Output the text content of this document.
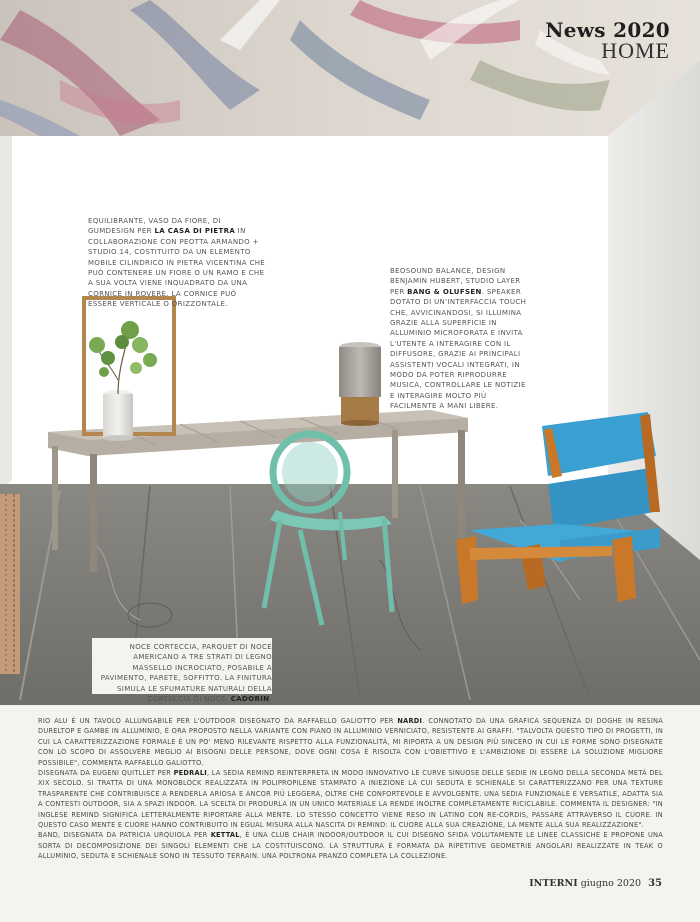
News 2020
HOME
EQUILIBRANTE, VASO DA FIORE, DI GUMDESIGN PER LA CASA DI PIETRA IN COLLABORAZIONE CON PEOTTA ARMANDO + STUDIO 14, COSTITUITO DA UN ELEMENTO MOBILE CILINDRICO IN PIETRA VICENTINA CHE PUÒ CONTENERE UN FIORE O UN RAMO E CHE A SUA VOLTA VIENE INQUADRATO DA UNA CORNICE IN ROVERE. LA CORNICE PUÒ ESSERE VERTICALE O ORIZZONTALE.
BEOSOUND BALANCE, DESIGN BENJAMIN HUBERT, STUDIO LAYER PER BANG & OLUFSEN. SPEAKER DOTATO DI UN'INTERFACCIA TOUCH CHE, AVVICINANDOSI, SI ILLUMINA GRAZIE ALLA SUPERFICIE IN ALLUMINIO MICROFORATA E INVITA L'UTENTE A INTERAGIRE CON IL DIFFUSORE, GRAZIE AI PRINCIPALI ASSISTENTI VOCALI INTEGRATI, IN MODO DA POTER RIPRODURRE MUSICA, CONTROLLARE LE NOTIZIE E INTERAGIRE MOLTO PIÙ FACILMENTE A MANI LIBERE.
NOCE CORTECCIA, PARQUET DI NOCE AMERICANO A TRE STRATI DI LEGNO MASSELLO INCROCIATO, POSABILE A PAVIMENTO, PARETE, SOFFITTO. LA FINITURA SIMULA LE SFUMATURE NATURALI DELLA CORTECCIA DI NOCE. CADORIN.

RIO ALU È UN TAVOLO ALLUNGABILE PER L'OUTDOOR DISEGNATO DA RAFFAELLO GALIOTTO PER NARDI. CONNOTATO DA UNA GRAFICA SEQUENZA DI DOGHE IN RESINA DURELTOP E GAMBE IN ALLUMINIO, È ORA PROPOSTO NELLA VARIANTE CON PIANO IN ALLUMINIO VERNICIATO, RESISTENTE AI GRAFFI. "TALVOLTA QUESTO TIPO DI PROGETTI, IN CUI LA CARATTERIZZAZIONE FORMALE È UN PO' MENO RILEVANTE RISPETTO ALLA FUNZIONALITÀ, MI RIPORTA A UN DESIGN PIÙ SINCERO IN CUI LE FORME SONO DISEGNATE CON LO SCOPO DI ASSOLVERE MEGLIO AI BISOGNI DELLE PERSONE, DOVE OGNI COSA È RISOLTA CON L'OBIETTIVO E L'AMBIZIONE DI ESSERE LA SOLUZIONE MIGLIORE POSSIBILE", COMMENTA RAFFAELLO GALIOTTO.

DISEGNATA DA EUGENI QUITLLET PER PEDRALI, LA SEDIA REMIND REINTERPRETA IN MODO INNOVATIVO LE CURVE SINUOSE DELLE SEDIE IN LEGNO DELLA SECONDA METÀ DEL XIX SECOLO. SI TRATTA DI UNA MONOBLOCK REALIZZATA IN POLIPROPILENE STAMPATO A INIEZIONE LA CUI SEDUTA E SCHIENALE SI CARATTERIZZANO PER UNA TEXTURE TRASPARENTE CHE CONTRIBUISCE A RENDERLA ARIOSA E ANCOR PIÙ LEGGERA, OLTRE CHE CONFORTEVOLE E AVVOLGENTE. UNA SEDIA FUNZIONALE E VERSATILE, ADATTA SIA A CONTESTI OUTDOOR, SIA A SPAZI INDOOR. LA SCELTA DI PRODURLA IN UN UNICO MATERIALE LA RENDE INOLTRE COMPLETAMENTE RICICLABILE. COMMENTA IL DESIGNER: "IN INGLESE REMIND SIGNIFICA LETTERALMENTE RIPORTARE ALLA MENTE. LO STESSO CONCETTO VIENE RESO IN LATINO CON RE-CORDIS, PASSARE ATTRAVERSO IL CUORE. IN QUESTO CASO MENTE E CUORE HANNO CONTRIBUITO IN EGUAL MISURA ALLA NASCITA DI REMIND: IL CUORE ALLA SUA CREAZIONE, LA MENTE ALLA SUA REALIZZAZIONE".

BAND, DISEGNATA DA PATRICIA URQUIOLA PER KETTAL, È UNA CLUB CHAIR INDOOR/OUTDOOR IL CUI DISEGNO SFIDA VOLUTAMENTE LE LINEE CLASSICHE E PROPONE UNA SORTA DI DECOMPOSIZIONE DEI SINGOLI ELEMENTI CHE LA COSTITUISCONO. LA STRUTTURA È FORMATA DA RIPETITIVE GEOMETRIE ANGOLARI REALIZZATE IN TEAK O ALLUMINIO, SEDUTA E SCHIENALE SONO IN TESSUTO TERRAIN. UNA POLTRONA PRANZO COMPLETA LA COLLEZIONE.

INTERNI giugno 2020 35
